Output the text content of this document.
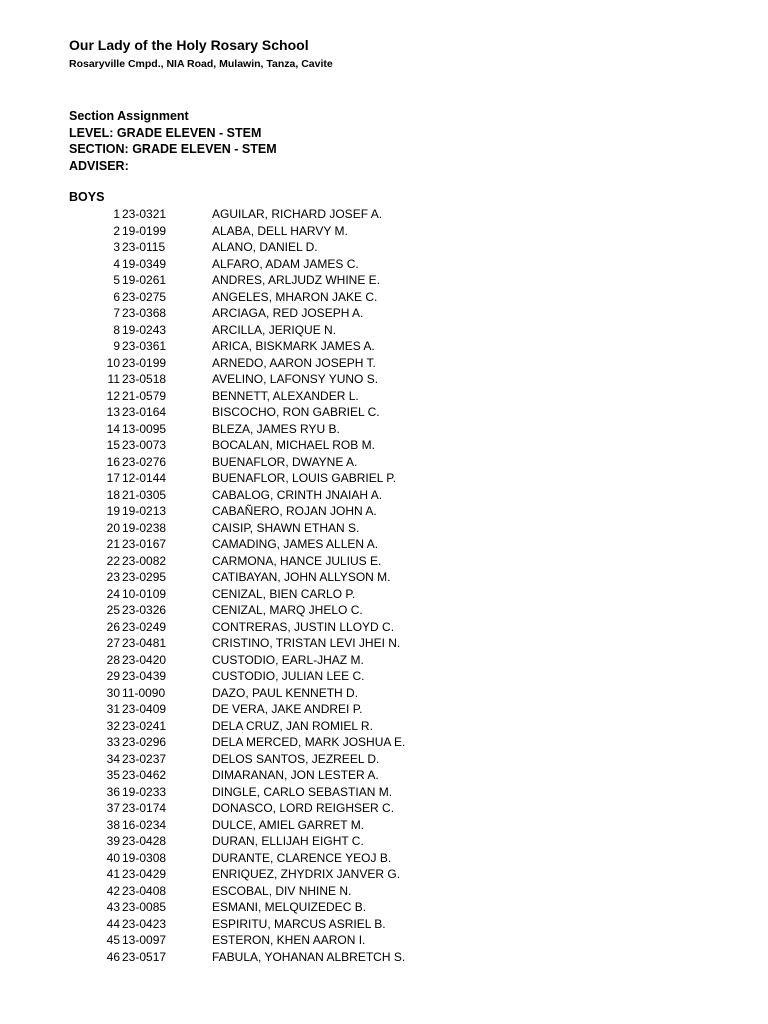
Our Lady of the Holy Rosary School
Rosaryville Cmpd., NIA Road, Mulawin, Tanza, Cavite
Section Assignment
LEVEL: GRADE ELEVEN - STEM
SECTION: GRADE ELEVEN - STEM
ADVISER:
BOYS
1 23-0321	AGUILAR, RICHARD JOSEF A.
2 19-0199	ALABA, DELL HARVY M.
3 23-0115	ALANO, DANIEL D.
4 19-0349	ALFARO, ADAM JAMES C.
5 19-0261	ANDRES, ARLJUDZ WHINE E.
6 23-0275	ANGELES, MHARON JAKE C.
7 23-0368	ARCIAGA, RED JOSEPH A.
8 19-0243	ARCILLA, JERIQUE N.
9 23-0361	ARICA, BISKMARK JAMES A.
10 23-0199	ARNEDO, AARON JOSEPH T.
11 23-0518	AVELINO, LAFONSY YUNO S.
12 21-0579	BENNETT, ALEXANDER L.
13 23-0164	BISCOCHO, RON GABRIEL C.
14 13-0095	BLEZA, JAMES RYU B.
15 23-0073	BOCALAN, MICHAEL ROB M.
16 23-0276	BUENAFLOR, DWAYNE A.
17 12-0144	BUENAFLOR, LOUIS GABRIEL P.
18 21-0305	CABALOG, CRINTH JNAIAH A.
19 19-0213	CABAÑERO, ROJAN JOHN A.
20 19-0238	CAISIP, SHAWN ETHAN S.
21 23-0167	CAMADING, JAMES ALLEN A.
22 23-0082	CARMONA, HANCE JULIUS E.
23 23-0295	CATIBAYAN, JOHN ALLYSON M.
24 10-0109	CENIZAL, BIEN CARLO P.
25 23-0326	CENIZAL, MARQ JHELO C.
26 23-0249	CONTRERAS, JUSTIN LLOYD C.
27 23-0481	CRISTINO, TRISTAN LEVI JHEI N.
28 23-0420	CUSTODIO, EARL-JHAZ M.
29 23-0439	CUSTODIO, JULIAN LEE C.
30 11-0090	DAZO, PAUL KENNETH D.
31 23-0409	DE VERA, JAKE ANDREI P.
32 23-0241	DELA CRUZ, JAN ROMIEL R.
33 23-0296	DELA MERCED, MARK JOSHUA E.
34 23-0237	DELOS SANTOS, JEZREEL D.
35 23-0462	DIMARANAN, JON LESTER A.
36 19-0233	DINGLE, CARLO SEBASTIAN M.
37 23-0174	DONASCO, LORD REIGHSER C.
38 16-0234	DULCE, AMIEL GARRET M.
39 23-0428	DURAN, ELLIJAH EIGHT C.
40 19-0308	DURANTE, CLARENCE YEOJ B.
41 23-0429	ENRIQUEZ, ZHYDRIX JANVER G.
42 23-0408	ESCOBAL, DIV NHINE N.
43 23-0085	ESMANI, MELQUIZEDEC B.
44 23-0423	ESPIRITU, MARCUS ASRIEL B.
45 13-0097	ESTERON, KHEN AARON I.
46 23-0517	FABULA, YOHANAN ALBRETCH S.
